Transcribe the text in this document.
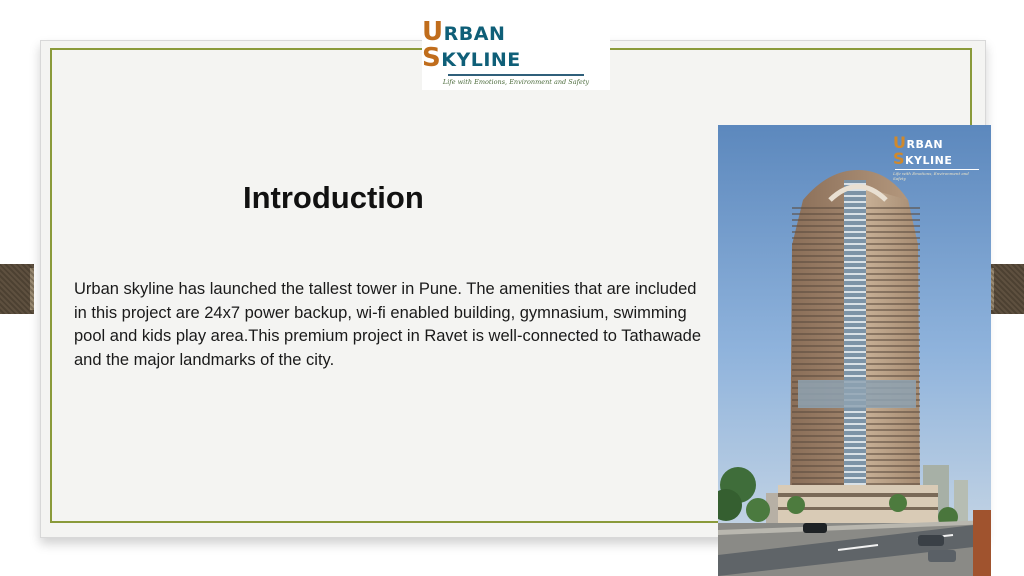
URBAN SKYLINE
Life with Emotions, Environment and Safety
Introduction
Urban skyline has launched the tallest tower in Pune. The amenities that are included in this project are 24x7 power backup, wi-fi enabled building, gymnasium, swimming pool and kids play area.This premium project in Ravet is well-connected to Tathawade and the major landmarks of the city.
URBAN SKYLINE
Life with Emotions, Environment and Safety
